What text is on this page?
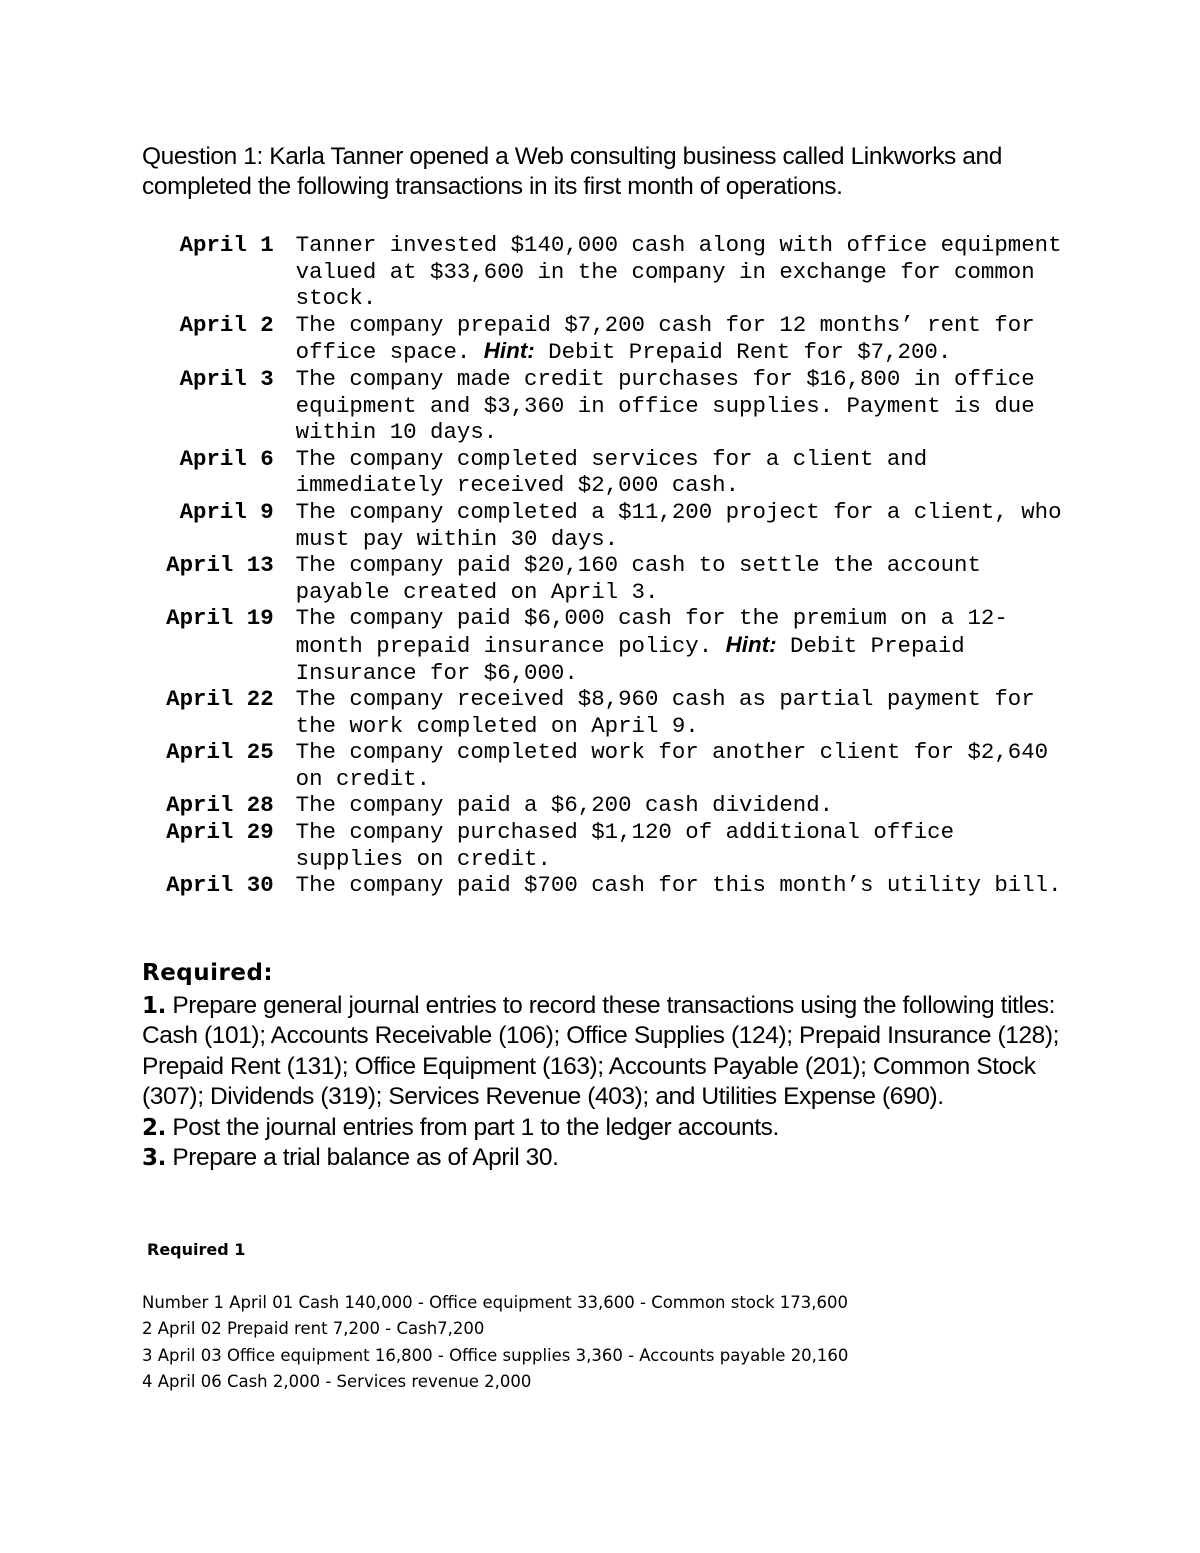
Question 1: Karla Tanner opened a Web consulting business called Linkworks and completed the following transactions in its first month of operations.
April 1	Tanner invested $140,000 cash along with office equipment valued at $33,600 in the company in exchange for common stock.
April 2	The company prepaid $7,200 cash for 12 months’ rent for office space. Hint: Debit Prepaid Rent for $7,200.
April 3	The company made credit purchases for $16,800 in office equipment and $3,360 in office supplies. Payment is due within 10 days.
April 6	The company completed services for a client and immediately received $2,000 cash.
April 9	The company completed a $11,200 project for a client, who must pay within 30 days.
April 13	The company paid $20,160 cash to settle the account payable created on April 3.
April 19	The company paid $6,000 cash for the premium on a 12-month prepaid insurance policy. Hint: Debit Prepaid Insurance for $6,000.
April 22	The company received $8,960 cash as partial payment for the work completed on April 9.
April 25	The company completed work for another client for $2,640 on credit.
April 28	The company paid a $6,200 cash dividend.
April 29	The company purchased $1,120 of additional office supplies on credit.
April 30	The company paid $700 cash for this month’s utility bill.
Required:
1. Prepare general journal entries to record these transactions using the following titles: Cash (101); Accounts Receivable (106); Office Supplies (124); Prepaid Insurance (128); Prepaid Rent (131); Office Equipment (163); Accounts Payable (201); Common Stock (307); Dividends (319); Services Revenue (403); and Utilities Expense (690).
2. Post the journal entries from part 1 to the ledger accounts.
3. Prepare a trial balance as of April 30.
Required 1
Number 1 April 01 Cash 140,000 - Office equipment 33,600 - Common stock 173,600
2 April 02 Prepaid rent 7,200 - Cash7,200
3 April 03 Office equipment 16,800 - Office supplies 3,360 - Accounts payable 20,160
4 April 06 Cash 2,000 - Services revenue 2,000
